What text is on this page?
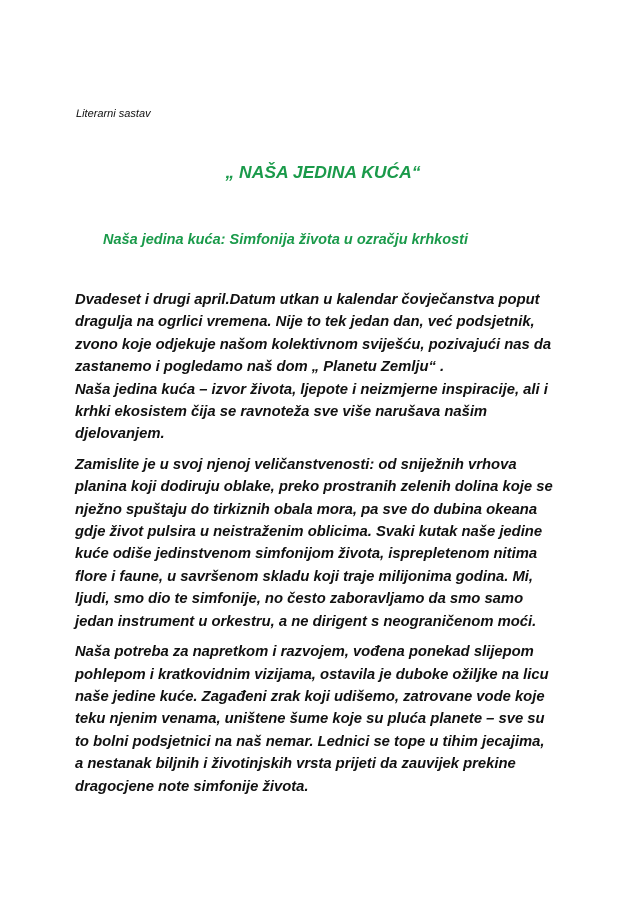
Literarni sastav

„ NAŠA JEDINA KUĆA“
Naša jedina kuća: Simfonija života u ozračju krhkosti

Dvadeset i drugi april.Datum utkan u kalendar čovječanstva poput
dragulja na ogrlici vremena. Nije to tek jedan dan, već podsjetnik,
zvono koje odjekuje našom kolektivnom sviješću, pozivajući nas da
zastanemo i pogledamo naš dom „ Planetu Zemlju“ .

Naša jedina kuća – izvor života, ljepote i neizmjerne inspiracije, ali i
krhki ekosistem čija se ravnoteža sve više narušava našim
djelovanjem.

Zamislite je u svoj njenoj veličanstvenosti: od sniježnih vrhova
planina koji dodiruju oblake, preko prostranih zelenih dolina koje se
nježno spuštaju do tirkiznih obala mora, pa sve do dubina okeana
gdje život pulsira u neistraženim oblicima. Svaki kutak naše jedine
kuće odiše jedinstvenom simfonijom života, isprepletenom nitima
flore i faune, u savršenom skladu koji traje milijonima godina. Mi,
ljudi, smo dio te simfonije, no često zaboravljamo da smo samo
jedan instrument u orkestru, a ne dirigent s neograničenom moći.

Naša potreba za napretkom i razvojem, vođena ponekad slijepom
pohlepom i kratkovidnim vizijama, ostavila je duboke ožiljke na licu
naše jedine kuće. Zagađeni zrak koji udišemo, zatrovane vode koje
teku njenim venama, uništene šume koje su pluća planete – sve su
to bolni podsjetnici na naš nemar. Lednici se tope u tihim jecajima,
a nestanak biljnih i životinjskih vrsta prijeti da zauvijek prekine
dragocjene note simfonije života.
